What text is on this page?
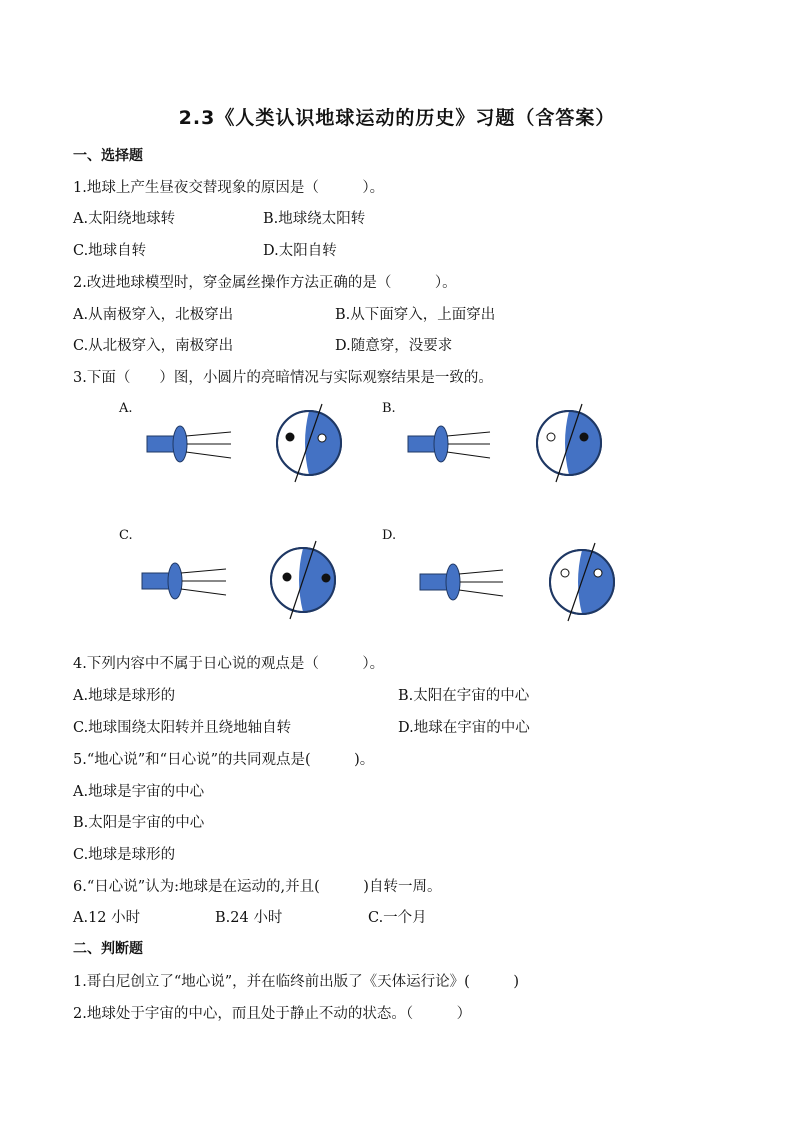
2.3《人类认识地球运动的历史》习题（含答案）
一、选择题
1.地球上产生昼夜交替现象的原因是（　　　）。
A.太阳绕地球转	B.地球绕太阳转
C.地球自转	D.太阳自转
2.改进地球模型时，穿金属丝操作方法正确的是（　　　）。
A.从南极穿入，北极穿出	B.从下面穿入，上面穿出
C.从北极穿入，南极穿出	D.随意穿，没要求
3.下面（　　）图，小圆片的亮暗情况与实际观察结果是一致的。
A.	B.
C.	D.
4.下列内容中不属于日心说的观点是（　　　）。
A.地球是球形的	B.太阳在宇宙的中心
C.地球围绕太阳转并且绕地轴自转	D.地球在宇宙的中心
5.“地心说”和“日心说”的共同观点是(　　　)。
A.地球是宇宙的中心
B.太阳是宇宙的中心
C.地球是球形的
6.“日心说”认为:地球是在运动的,并且(　　　)自转一周。
A.12 小时	B.24 小时	C.一个月
二、判断题
1.哥白尼创立了“地心说”，并在临终前出版了《天体运行论》(　　　)
2.地球处于宇宙的中心，而且处于静止不动的状态。（　　　）
